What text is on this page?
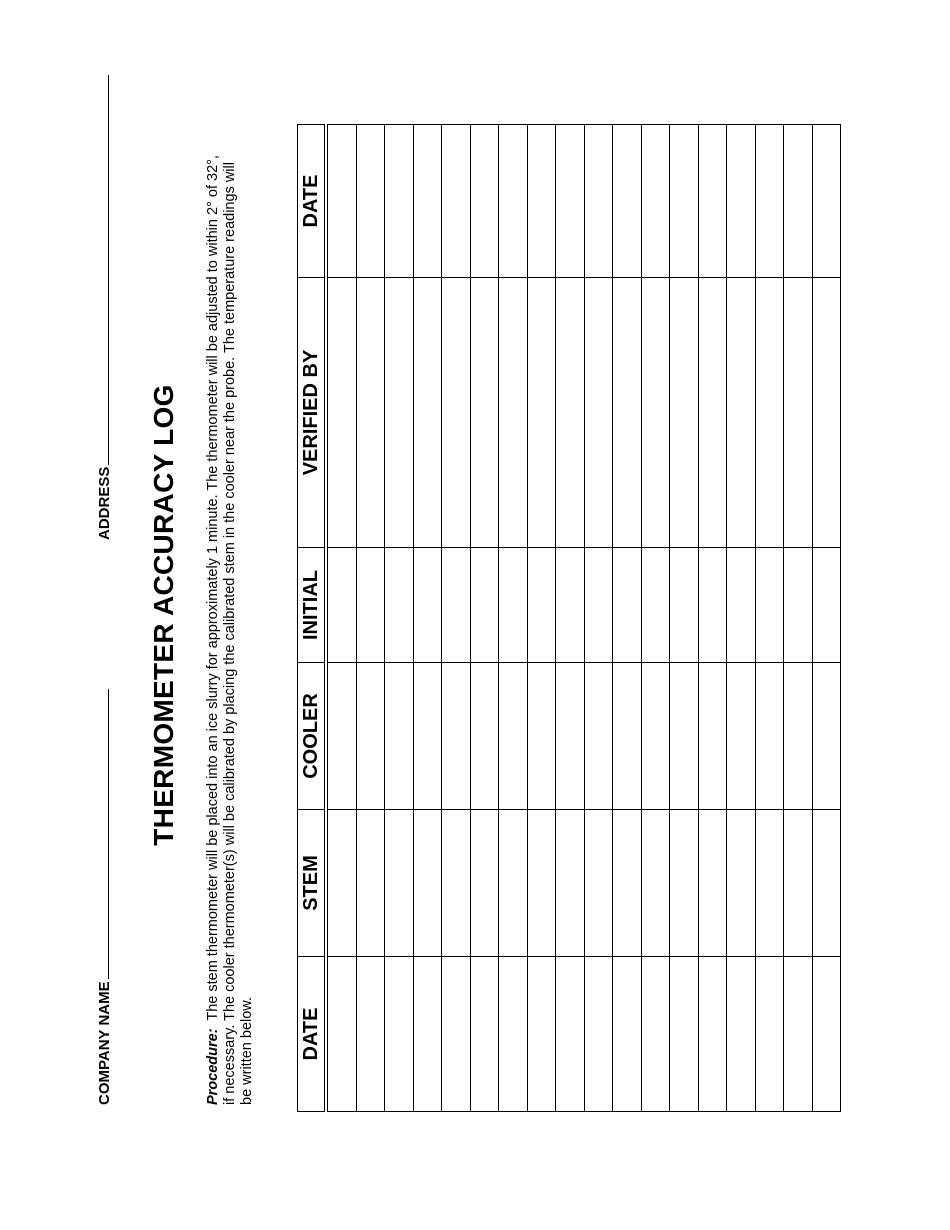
COMPANY NAME
ADDRESS THERMOMETER ACCURACY LOG
Procedure: The stem thermometer will be placed into an ice slurry for approximately 1 minute. The thermometer will be adjusted to within 2° of 32°, if necessary. The cooler thermometer(s) will be calibrated by placing the calibrated stem in the cooler near the probe. The temperature readings will be written below. DATE	STEM	COOLER	INITIAL	VERIFIED BY	DATE
